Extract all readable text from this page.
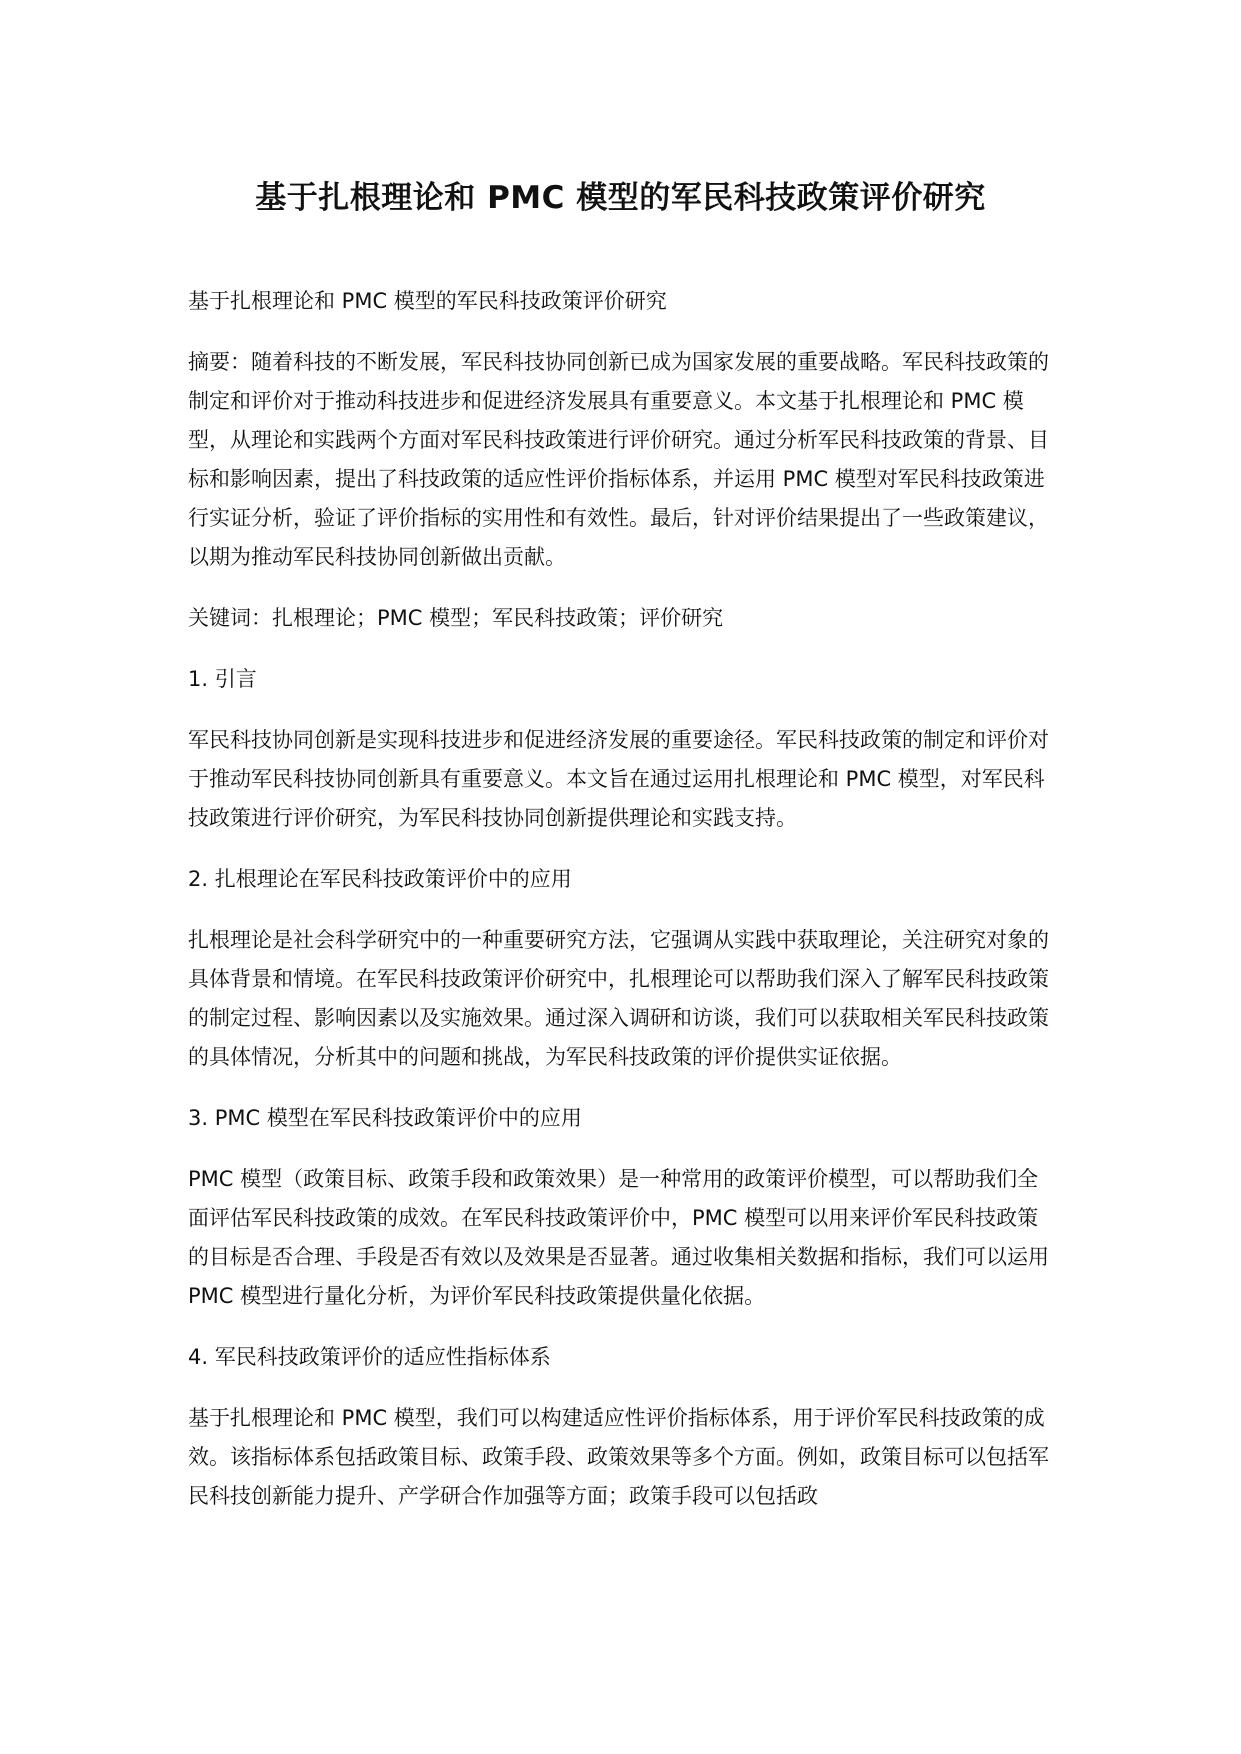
基于扎根理论和 PMC 模型的军民科技政策评价研究

基于扎根理论和 PMC 模型的军民科技政策评价研究

摘要：随着科技的不断发展，军民科技协同创新已成为国家发展的重要战略。军民科技政策的制定和评价对于推动科技进步和促进经济发展具有重要意义。本文基于扎根理论和 PMC 模型，从理论和实践两个方面对军民科技政策进行评价研究。通过分析军民科技政策的背景、目标和影响因素，提出了科技政策的适应性评价指标体系，并运用 PMC 模型对军民科技政策进行实证分析，验证了评价指标的实用性和有效性。最后，针对评价结果提出了一些政策建议，以期为推动军民科技协同创新做出贡献。

关键词：扎根理论；PMC 模型；军民科技政策；评价研究

1. 引言

军民科技协同创新是实现科技进步和促进经济发展的重要途径。军民科技政策的制定和评价对于推动军民科技协同创新具有重要意义。本文旨在通过运用扎根理论和 PMC 模型，对军民科技政策进行评价研究，为军民科技协同创新提供理论和实践支持。

2. 扎根理论在军民科技政策评价中的应用

扎根理论是社会科学研究中的一种重要研究方法，它强调从实践中获取理论，关注研究对象的具体背景和情境。在军民科技政策评价研究中，扎根理论可以帮助我们深入了解军民科技政策的制定过程、影响因素以及实施效果。通过深入调研和访谈，我们可以获取相关军民科技政策的具体情况，分析其中的问题和挑战，为军民科技政策的评价提供实证依据。

3. PMC 模型在军民科技政策评价中的应用

PMC 模型（政策目标、政策手段和政策效果）是一种常用的政策评价模型，可以帮助我们全面评估军民科技政策的成效。在军民科技政策评价中，PMC 模型可以用来评价军民科技政策的目标是否合理、手段是否有效以及效果是否显著。通过收集相关数据和指标，我们可以运用 PMC 模型进行量化分析，为评价军民科技政策提供量化依据。

4. 军民科技政策评价的适应性指标体系

基于扎根理论和 PMC 模型，我们可以构建适应性评价指标体系，用于评价军民科技政策的成效。该指标体系包括政策目标、政策手段、政策效果等多个方面。例如，政策目标可以包括军民科技创新能力提升、产学研合作加强等方面；政策手段可以包括政
